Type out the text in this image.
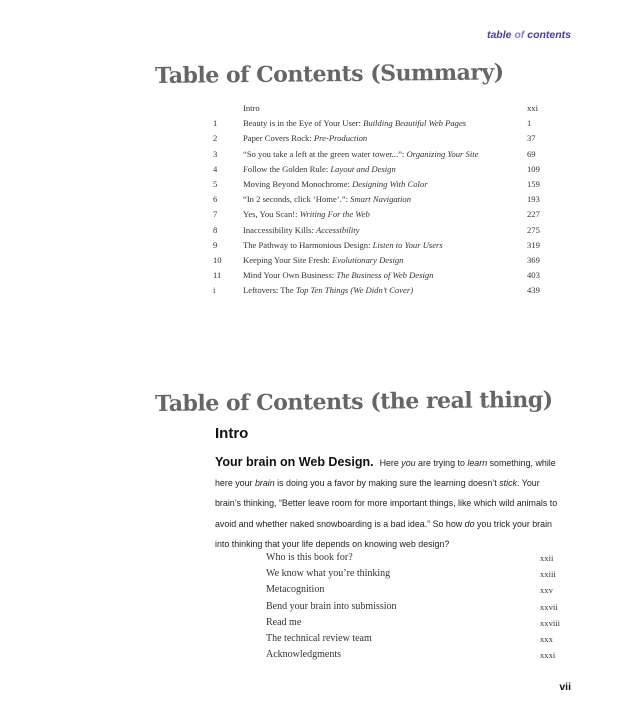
table of contents
Table of Contents (Summary)
Intro	xxi
1	Beauty is in the Eye of Your User: Building Beautiful Web Pages	1
2	Paper Covers Rock: Pre-Production	37
3	“So you take a left at the green water tower...”: Organizing Your Site	69
4	Follow the Golden Rule: Layout and Design	109
5	Moving Beyond Monochrome: Designing With Color	159
6	“In 2 seconds, click ‘Home’.”: Smart Navigation	193
7	Yes, You Scan!: Writing For the Web	227
8	Inaccessibility Kills: Accessibility	275
9	The Pathway to Harmonious Design: Listen to Your Users	319
10	Keeping Your Site Fresh: Evolutionary Design	369
11	Mind Your Own Business: The Business of Web Design	403
i	Leftovers: The Top Ten Things (We Didn’t Cover)	439
Table of Contents (the real thing)
Intro

Your brain on Web Design. Here you are trying to learn something, while here your brain is doing you a favor by making sure the learning doesn’t stick. Your brain’s thinking, “Better leave room for more important things, like which wild animals to avoid and whether naked snowboarding is a bad idea.” So how do you trick your brain into thinking that your life depends on knowing web design?

Who is this book for?	xxii
We know what you’re thinking	xxiii
Metacognition	xxv
Bend your brain into submission	xxvii
Read me	xxviii
The technical review team	xxx
Acknowledgments	xxxi
vii
